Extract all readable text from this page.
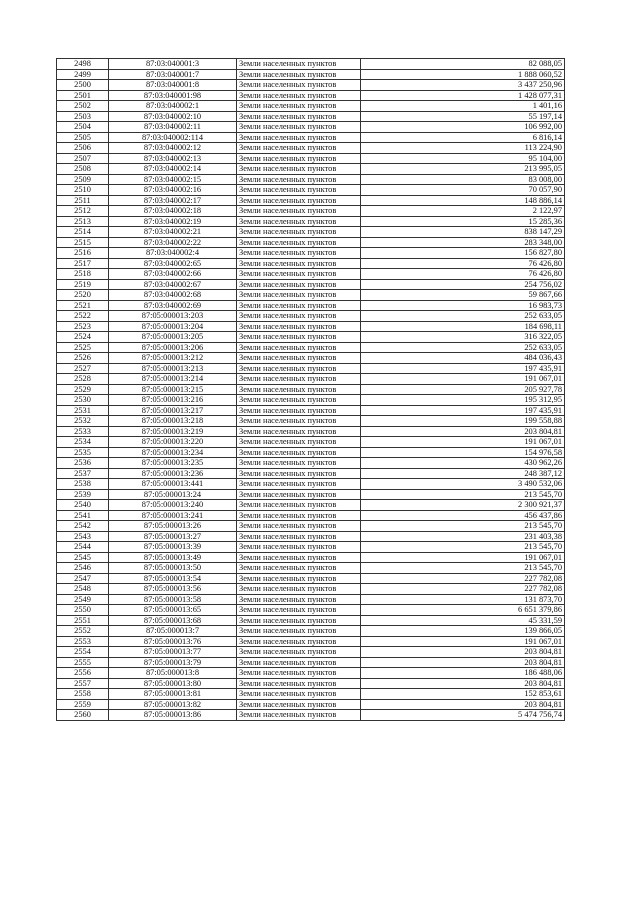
2498	87:03:040001:3	Земли населенных пунктов	82 088,05
2499	87:03:040001:7	Земли населенных пунктов	1 888 060,52
2500	87:03:040001:8	Земли населенных пунктов	3 437 250,96
2501	87:03:040001:98	Земли населенных пунктов	1 428 077,31
2502	87:03:040002:1	Земли населенных пунктов	1 401,16
2503	87:03:040002:10	Земли населенных пунктов	55 197,14
2504	87:03:040002:11	Земли населенных пунктов	106 992,00
2505	87:03:040002:114	Земли населенных пунктов	6 816,14
2506	87:03:040002:12	Земли населенных пунктов	113 224,90
2507	87:03:040002:13	Земли населенных пунктов	95 104,00
2508	87:03:040002:14	Земли населенных пунктов	213 995,05
2509	87:03:040002:15	Земли населенных пунктов	83 008,00
2510	87:03:040002:16	Земли населенных пунктов	70 057,90
2511	87:03:040002:17	Земли населенных пунктов	148 886,14
2512	87:03:040002:18	Земли населенных пунктов	2 122,97
2513	87:03:040002:19	Земли населенных пунктов	15 285,36
2514	87:03:040002:21	Земли населенных пунктов	838 147,29
2515	87:03:040002:22	Земли населенных пунктов	283 348,00
2516	87:03:040002:4	Земли населенных пунктов	156 827,80
2517	87:03:040002:65	Земли населенных пунктов	76 426,80
2518	87:03:040002:66	Земли населенных пунктов	76 426,80
2519	87:03:040002:67	Земли населенных пунктов	254 756,02
2520	87:03:040002:68	Земли населенных пунктов	59 867,66
2521	87:03:040002:69	Земли населенных пунктов	16 983,73
2522	87:05:000013:203	Земли населенных пунктов	252 633,05
2523	87:05:000013:204	Земли населенных пунктов	184 698,11
2524	87:05:000013:205	Земли населенных пунктов	316 322,05
2525	87:05:000013:206	Земли населенных пунктов	252 633,05
2526	87:05:000013:212	Земли населенных пунктов	484 036,43
2527	87:05:000013:213	Земли населенных пунктов	197 435,91
2528	87:05:000013:214	Земли населенных пунктов	191 067,01
2529	87:05:000013:215	Земли населенных пунктов	205 927,78
2530	87:05:000013:216	Земли населенных пунктов	195 312,95
2531	87:05:000013:217	Земли населенных пунктов	197 435,91
2532	87:05:000013:218	Земли населенных пунктов	199 558,88
2533	87:05:000013:219	Земли населенных пунктов	203 804,81
2534	87:05:000013:220	Земли населенных пунктов	191 067,01
2535	87:05:000013:234	Земли населенных пунктов	154 976,58
2536	87:05:000013:235	Земли населенных пунктов	430 962,26
2537	87:05:000013:236	Земли населенных пунктов	248 387,12
2538	87:05:000013:441	Земли населенных пунктов	3 490 532,06
2539	87:05:000013:24	Земли населенных пунктов	213 545,70
2540	87:05:000013:240	Земли населенных пунктов	2 300 921,37
2541	87:05:000013:241	Земли населенных пунктов	456 437,86
2542	87:05:000013:26	Земли населенных пунктов	213 545,70
2543	87:05:000013:27	Земли населенных пунктов	231 403,38
2544	87:05:000013:39	Земли населенных пунктов	213 545,70
2545	87:05:000013:49	Земли населенных пунктов	191 067,01
2546	87:05:000013:50	Земли населенных пунктов	213 545,70
2547	87:05:000013:54	Земли населенных пунктов	227 782,08
2548	87:05:000013:56	Земли населенных пунктов	227 782,08
2549	87:05:000013:58	Земли населенных пунктов	131 873,70
2550	87:05:000013:65	Земли населенных пунктов	6 651 379,86
2551	87:05:000013:68	Земли населенных пунктов	45 331,59
2552	87:05:000013:7	Земли населенных пунктов	139 866,05
2553	87:05:000013:76	Земли населенных пунктов	191 067,01
2554	87:05:000013:77	Земли населенных пунктов	203 804,81
2555	87:05:000013:79	Земли населенных пунктов	203 804,81
2556	87:05:000013:8	Земли населенных пунктов	186 488,06
2557	87:05:000013:80	Земли населенных пунктов	203 804,81
2558	87:05:000013:81	Земли населенных пунктов	152 853,61
2559	87:05:000013:82	Земли населенных пунктов	203 804,81
2560	87:05:000013:86	Земли населенных пунктов	5 474 756,74
